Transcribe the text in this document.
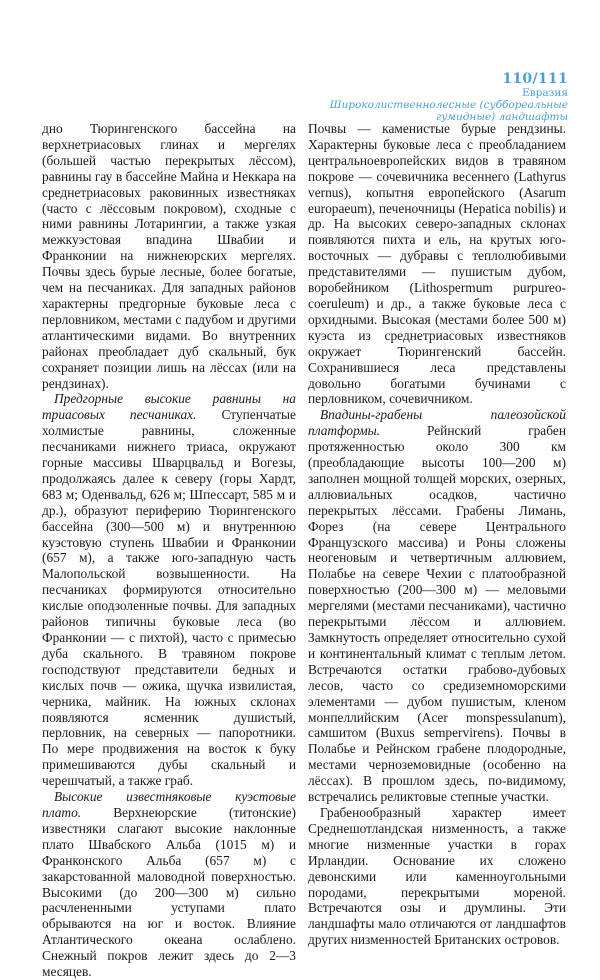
110/111
Евразия
Широколиственнолесные (суббореальные гумидные) ландшафты

дно Тюрингенского бассейна на верхнетриасовых глинах и мергелях (большей частью перекрытых лёссом), равнины гау в бассейне Майна и Неккара на среднетриасовых раковинных известняках (часто с лёссовым покровом), сходные с ними равнины Лотарингии, а также узкая межкуэстовая впадина Швабии и Франконии на нижнеюрских мергелях. Почвы здесь бурые лесные, более богатые, чем на песчаниках. Для западных районов характерны предгорные буковые леса с перловником, местами с падубом и другими атлантическими видами. Во внутренних районах преобладает дуб скальный, бук сохраняет позиции лишь на лёссах (или на рендзинах).

Предгорные высокие равнины на триасовых песчаниках. Ступенчатые холмистые равнины, сложенные песчаниками нижнего триаса, окружают горные массивы Шварцвальд и Вогезы, продолжаясь далее к северу (горы Хардт, 683 м; Оденвальд, 626 м; Шпессарт, 585 м и др.), образуют периферию Тюрингенского бассейна (300—500 м) и внутреннюю куэстовую ступень Швабии и Франконии (657 м), а также юго-западную часть Малопольской возвышенности. На песчаниках формируются относительно кислые оподзоленные почвы. Для западных районов типичны буковые леса (во Франконии — с пихтой), часто с примесью дуба скального. В травяном покрове господствуют представители бедных и кислых почв — ожика, щучка извилистая, черника, майник. На южных склонах появляются ясменник душистый, перловник, на северных — папоротники. По мере продвижения на восток к буку примешиваются дубы скальный и черешчатый, а также граб.

Высокие известняковые куэстовые плато. Верхнеюрские (титонские) известняки слагают высокие наклонные плато Швабского Альба (1015 м) и Франконского Альба (657 м) с закарстованной маловодной поверхностью. Высокими (до 200—300 м) сильно расчлененными уступами плато обрываются на юг и восток. Влияние Атлантического океана ослаблено. Снежный покров лежит здесь до 2—3 месяцев.

Почвы — каменистые бурые рендзины. Характерны буковые леса с преобладанием центральноевропейских видов в травяном покрове — сочевичника весеннего (Lathyrus vernus), копытня европейского (Asarum europaeum), печеночницы (Hepatica nobilis) и др. На высоких северо-западных склонах появляются пихта и ель, на крутых юго-восточных — дубравы с теплолюбивыми представителями — пушистым дубом, воробейником (Lithospermum purpureo-coeruleum) и др., а также буковые леса с орхидными. Высокая (местами более 500 м) куэста из среднетриасовых известняков окружает Тюрингенский бассейн. Сохранившиеся леса представлены довольно богатыми бучинами с перловником, сочевичником.

Впадины-грабены палеозойской платформы. Рейнский грабен протяженностью около 300 км (преобладающие высоты 100—200 м) заполнен мощной толщей морских, озерных, аллювиальных осадков, частично перекрытых лёссами. Грабены Лимань, Форез (на севере Центрального Французского массива) и Роны сложены неогеновым и четвертичным аллювием, Полабье на севере Чехии с платообразной поверхностью (200—300 м) — меловыми мергелями (местами песчаниками), частично перекрытыми лёссом и аллювием. Замкнутость определяет относительно сухой и континентальный климат с теплым летом. Встречаются остатки грабово-дубовых лесов, часто со средиземноморскими элементами — дубом пушистым, кленом монпеллийским (Acer monspessulanum), самшитом (Buxus sempervirens). Почвы в Полабье и Рейнском грабене плодородные, местами черноземовидные (особенно на лёссах). В прошлом здесь, по-видимому, встречались реликтовые степные участки.

Грабенообразный характер имеет Среднешотландская низменность, а также многие низменные участки в горах Ирландии. Основание их сложено девонскими или каменноугольными породами, перекрытыми мореной. Встречаются озы и друмлины. Эти ландшафты мало отличаются от ландшафтов других низменностей Британских островов.
